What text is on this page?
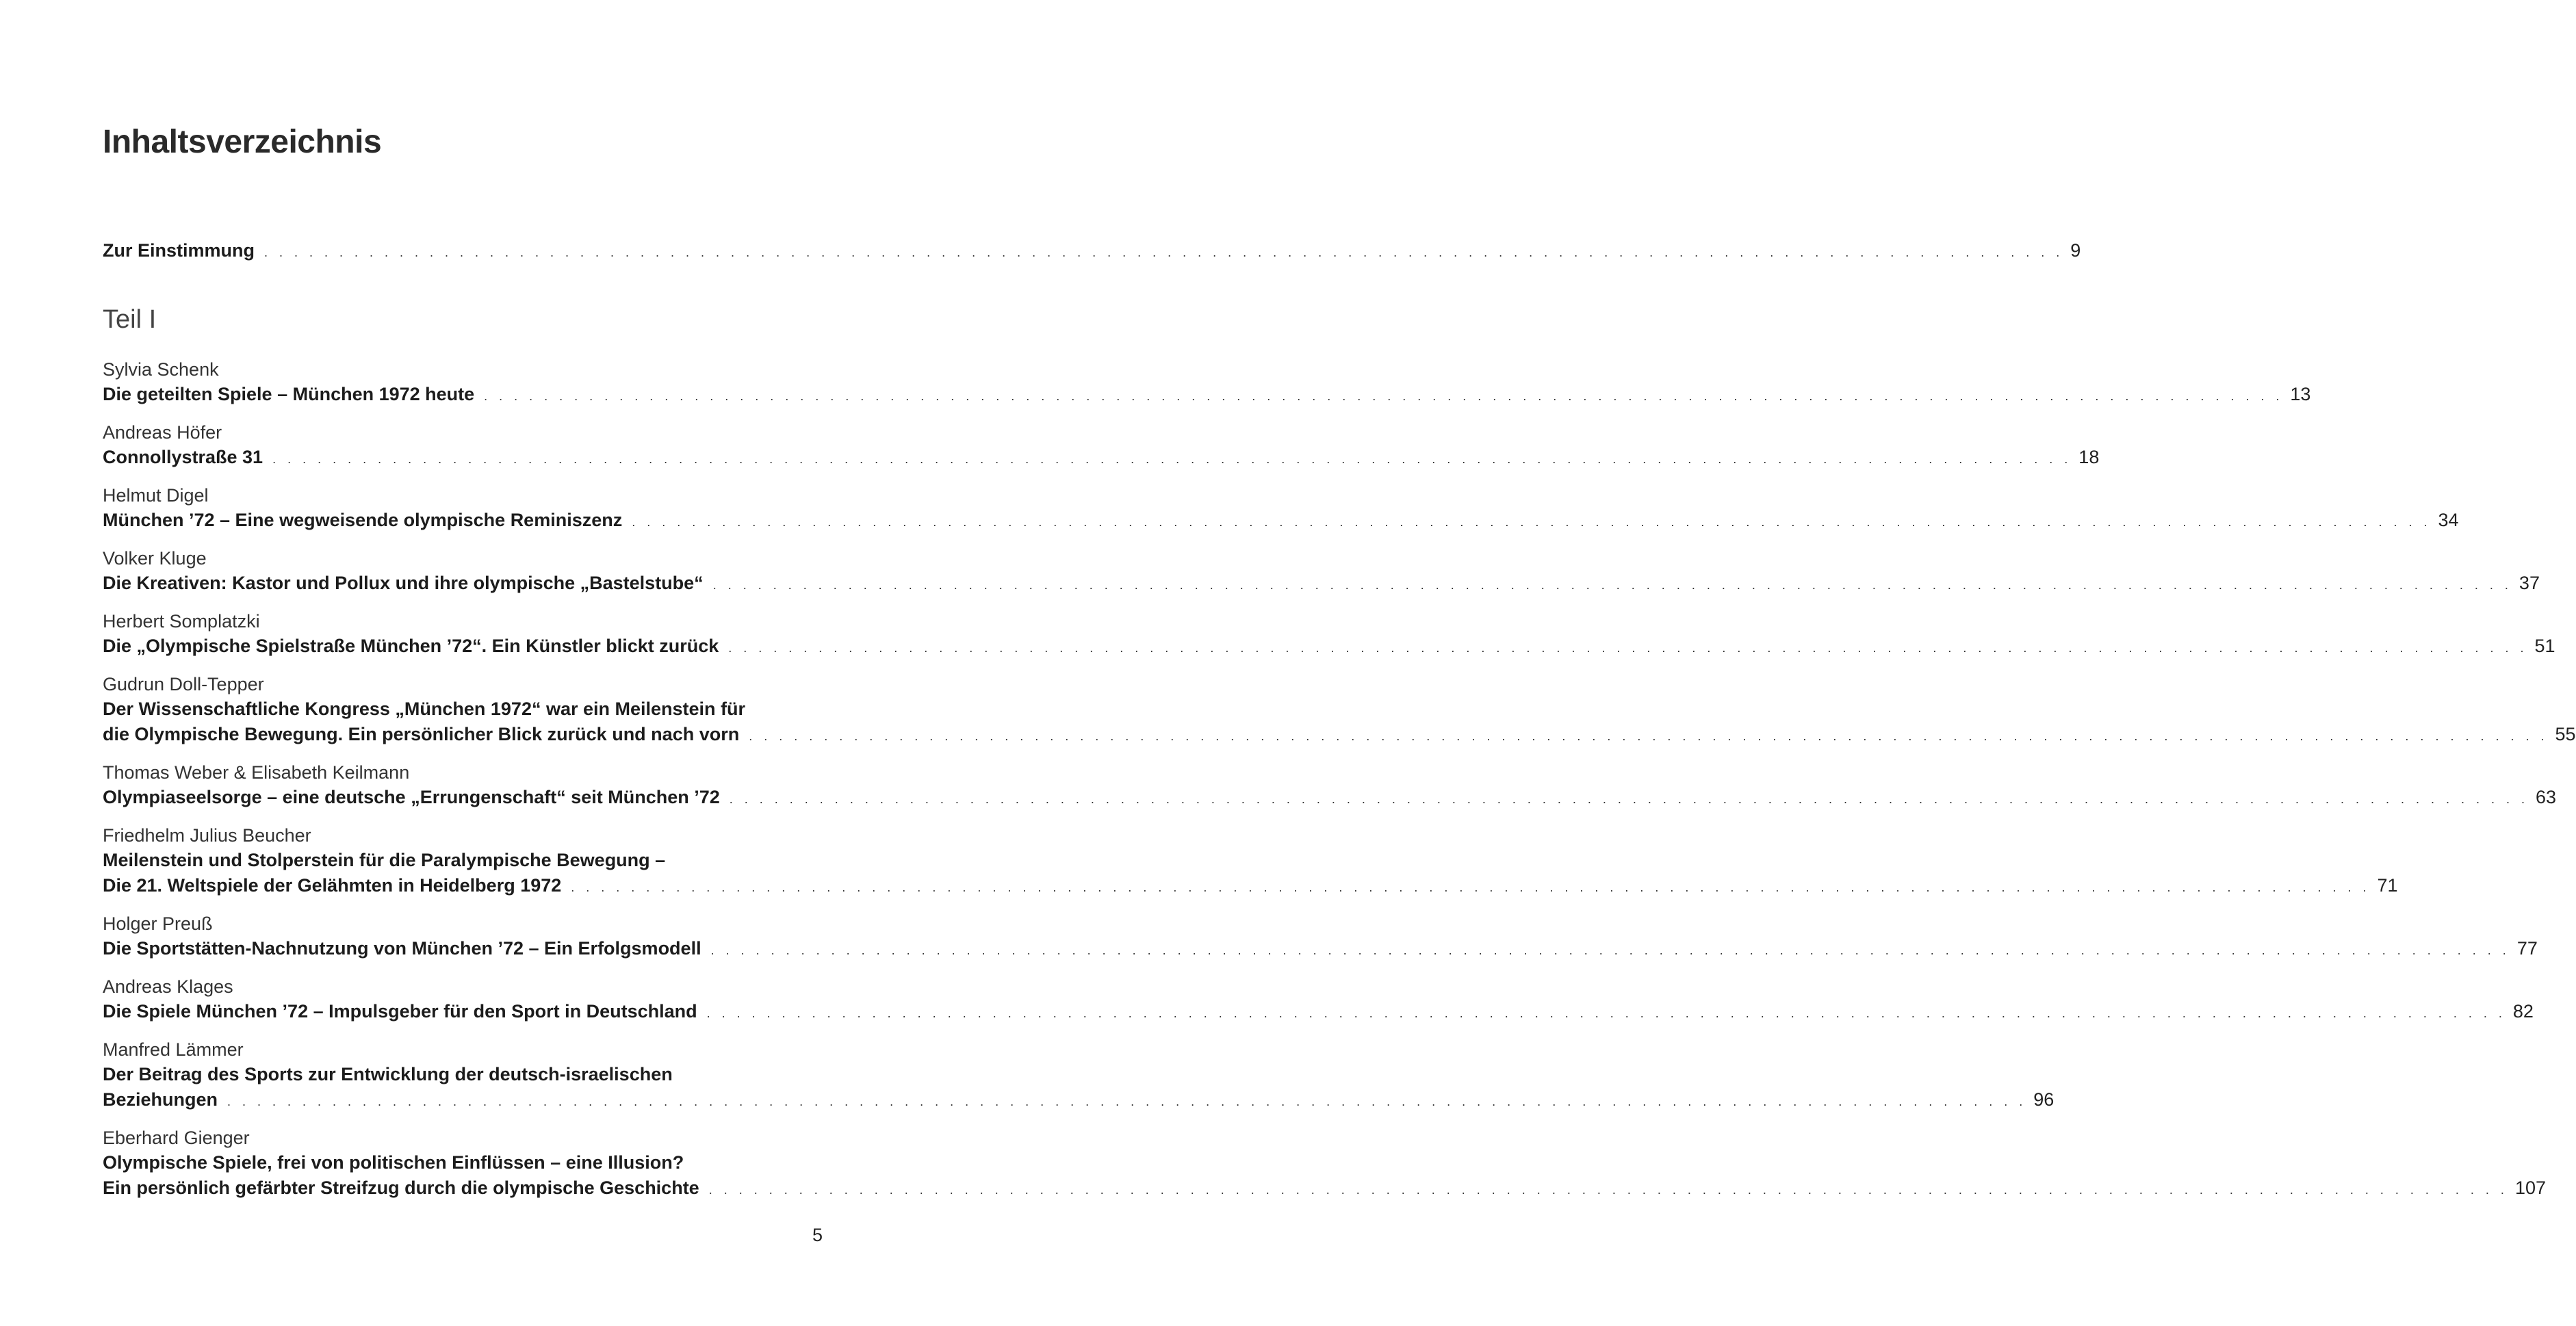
Inhaltsverzeichnis
Zur Einstimmung . . . . . . . . . . . . . . . . . . . . . . . . . . . . . . . . . . . . . . . . . . . . . . . . . . . . . . . . . . . . . . . . . . . . . . . . . . . . . . . . . . . . . . . . . . . . . . . . . . . . . . . . . . . . . . . . . . . . . . . . 9
Teil I
Sylvia Schenk
Die geteilten Spiele – München 1972 heute . . . . . . . . . . . . . . . . . . . . . . . . . . . . . . . . . . . . . . . . . . . . . . . . . . . . . . . . . . . . . . . . . . . . . . . . . . . . . . . . . . . . . . . . . . . . . . . . . . . . . . . . . . . . . . . . . . . . . . . . 13
Andreas Höfer
Connollystraße 31 . . . . . . . . . . . . . . . . . . . . . . . . . . . . . . . . . . . . . . . . . . . . . . . . . . . . . . . . . . . . . . . . . . . . . . . . . . . . . . . . . . . . . . . . . . . . . . . . . . . . . . . . . . . . . . . . . . . . . . . . 18
Helmut Digel
München ’72 – Eine wegweisende olympische Reminiszenz . . . . . . . . . . . . . . . . . . . . . . . . . . . . . . . . . . . . . . . . . . . . . . . . . . . . . . . . . . . . . . . . . . . . . . . . . . . . . . . . . . . . . . . . . . . . . . . . . . . . . . . . . . . . . . . . . . . . . . . . 34
Volker Kluge
Die Kreativen: Kastor und Pollux und ihre olympische „Bastelstube“ . . . . . . . . . . . . . . . . . . . . . . . . . . . . . . . . . . . . . . . . . . . . . . . . . . . . . . . . . . . . . . . . . . . . . . . . . . . . . . . . . . . . . . . . . . . . . . . . . . . . . . . . . . . . . . . . . . . . . . . . 37
Herbert Somplatzki
Die „Olympische Spielstraße München ’72“. Ein Künstler blickt zurück . . . . . . . . . . . . . . . . . . . . . . . . . . . . . . . . . . . . . . . . . . . . . . . . . . . . . . . . . . . . . . . . . . . . . . . . . . . . . . . . . . . . . . . . . . . . . . . . . . . . . . . . . . . . . . . . . . . . . . . . 51
Gudrun Doll-Tepper
Der Wissenschaftliche Kongress „München 1972“ war ein Meilenstein für
die Olympische Bewegung. Ein persönlicher Blick zurück und nach vorn . . . . . . . . . . . . . . . . . . . . . . . . . . . . . . . . . . . . . . . . . . . . . . . . . . . . . . . . . . . . . . . . . . . . . . . . . . . . . . . . . . . . . . . . . . . . . . . . . . . . . . . . . . . . . . . . . . . . . . . . 55
Thomas Weber & Elisabeth Keilmann
Olympiaseelsorge – eine deutsche „Errungenschaft“ seit München ’72 . . . . . . . . . . . . . . . . . . . . . . . . . . . . . . . . . . . . . . . . . . . . . . . . . . . . . . . . . . . . . . . . . . . . . . . . . . . . . . . . . . . . . . . . . . . . . . . . . . . . . . . . . . . . . . . . . . . . . . . . 63
Friedhelm Julius Beucher
Meilenstein und Stolperstein für die Paralympische Bewegung –
Die 21. Weltspiele der Gelähmten in Heidelberg 1972 . . . . . . . . . . . . . . . . . . . . . . . . . . . . . . . . . . . . . . . . . . . . . . . . . . . . . . . . . . . . . . . . . . . . . . . . . . . . . . . . . . . . . . . . . . . . . . . . . . . . . . . . . . . . . . . . . . . . . . . . 71
Holger Preuß
Die Sportstätten-Nachnutzung von München ’72 – Ein Erfolgsmodell . . . . . . . . . . . . . . . . . . . . . . . . . . . . . . . . . . . . . . . . . . . . . . . . . . . . . . . . . . . . . . . . . . . . . . . . . . . . . . . . . . . . . . . . . . . . . . . . . . . . . . . . . . . . . . . . . . . . . . . . 77
Andreas Klages
Die Spiele München ’72 – Impulsgeber für den Sport in Deutschland . . . . . . . . . . . . . . . . . . . . . . . . . . . . . . . . . . . . . . . . . . . . . . . . . . . . . . . . . . . . . . . . . . . . . . . . . . . . . . . . . . . . . . . . . . . . . . . . . . . . . . . . . . . . . . . . . . . . . . . . 82
Manfred Lämmer
Der Beitrag des Sports zur Entwicklung der deutsch-israelischen
Beziehungen . . . . . . . . . . . . . . . . . . . . . . . . . . . . . . . . . . . . . . . . . . . . . . . . . . . . . . . . . . . . . . . . . . . . . . . . . . . . . . . . . . . . . . . . . . . . . . . . . . . . . . . . . . . . . . . . . . . . . . . . 96
Eberhard Gienger
Olympische Spiele, frei von politischen Einflüssen – eine Illusion?
Ein persönlich gefärbter Streifzug durch die olympische Geschichte . . . . . . . . . . . . . . . . . . . . . . . . . . . . . . . . . . . . . . . . . . . . . . . . . . . . . . . . . . . . . . . . . . . . . . . . . . . . . . . . . . . . . . . . . . . . . . . . . . . . . . . . . . . . . . . . . . . . . . . . 107
5
